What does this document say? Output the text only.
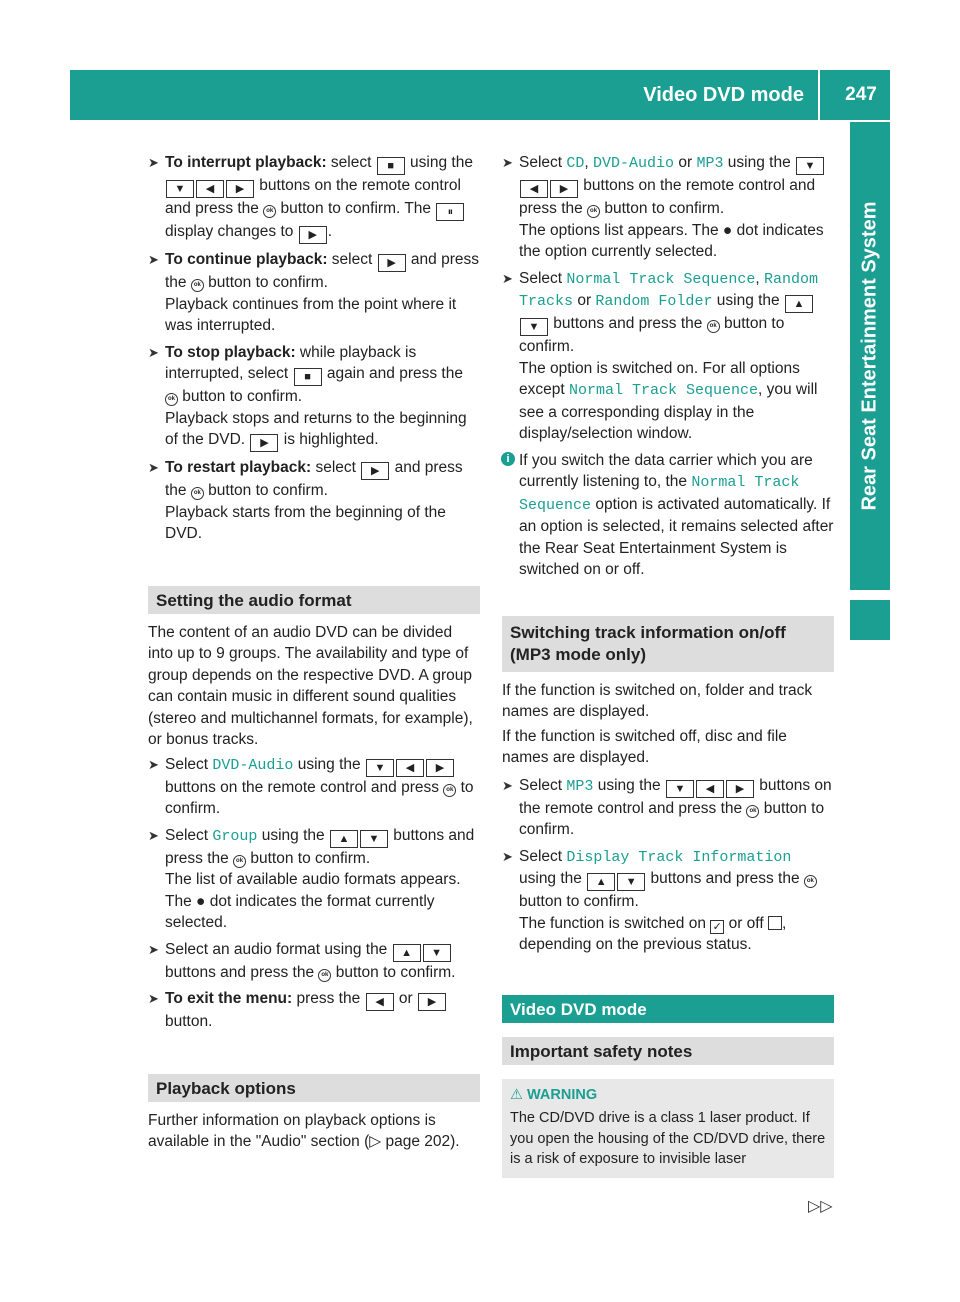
Video DVD mode	247
Rear Seat Entertainment System
➤ To interrupt playback: select ■ using the ▼ ◀ ▶ buttons on the remote control and press the ok button to confirm. The ⏸ display changes to ▶ .
➤ To continue playback: select ▶ and press the ok button to confirm.
Playback continues from the point where it was interrupted.
➤ To stop playback: while playback is interrupted, select ■ again and press the ok button to confirm.
Playback stops and returns to the beginning of the DVD. ▶ is highlighted.
➤ To restart playback: select ▶ and press the ok button to confirm.
Playback starts from the beginning of the DVD.
Setting the audio format
The content of an audio DVD can be divided into up to 9 groups. The availability and type of group depends on the respective DVD. A group can contain music in different sound qualities (stereo and multichannel formats, for example), or bonus tracks.
➤ Select DVD-Audio using the ▼ ◀ ▶ buttons on the remote control and press ok to confirm.
➤ Select Group using the ▲ ▼ buttons and press the ok button to confirm.
The list of available audio formats appears. The ● dot indicates the format currently selected.
➤ Select an audio format using the ▲ ▼ buttons and press the ok button to confirm.
➤ To exit the menu: press the ◀ or ▶ button.
Playback options
Further information on playback options is available in the "Audio" section (▷ page 202).
➤ Select CD, DVD-Audio or MP3 using the ▼◀ ▶ buttons on the remote control and press the ok button to confirm.
The options list appears. The ● dot indicates the option currently selected.
➤ Select Normal Track Sequence, Random Tracks or Random Folder using the ▲▼ buttons and press the ok button to confirm.
The option is switched on. For all options except Normal Track Sequence, you will see a corresponding display in the display/selection window.
i If you switch the data carrier which you are currently listening to, the Normal Track Sequence option is activated automatically. If an option is selected, it remains selected after the Rear Seat Entertainment System is switched on or off.
Switching track information on/off (MP3 mode only)
If the function is switched on, folder and track names are displayed.
If the function is switched off, disc and file names are displayed.
➤ Select MP3 using the ▼ ◀ ▶ buttons on the remote control and press the ok button to confirm.
➤ Select Display Track Information
using the ▲ ▼ buttons and press the ok button to confirm.
The function is switched on ✓ or off , depending on the previous status.
Video DVD mode
Important safety notes
⚠ WARNING
The CD/DVD drive is a class 1 laser product. If you open the housing of the CD/DVD drive, there is a risk of exposure to invisible laser
▷▷
